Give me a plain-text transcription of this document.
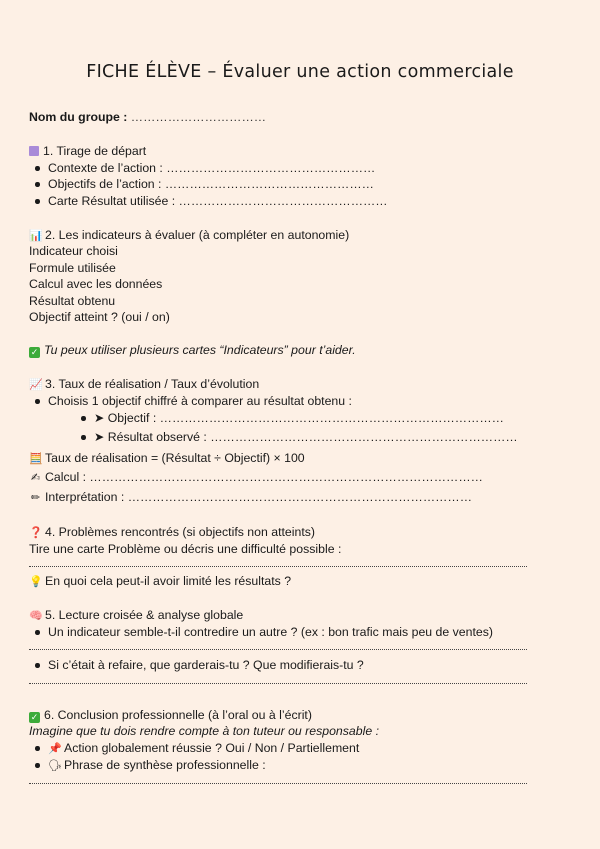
FICHE ÉLÈVE – Évaluer une action commerciale
Nom du groupe : ……………………………
1. Tirage de départ
Contexte de l’action : ……………………………………………
Objectifs de l’action : ……………………………………………
Carte Résultat utilisée : ……………………………………………
📊 2. Les indicateurs à évaluer (à compléter en autonomie)
Indicateur choisi
Formule utilisée
Calcul avec les données
Résultat obtenu
Objectif atteint ? (oui / on)
✓ Tu peux utiliser plusieurs cartes “Indicateurs” pour t’aider.
📈 3. Taux de réalisation / Taux d’évolution
Choisis 1 objectif chiffré à comparer au résultat obtenu :
➤ Objectif : …………………………………………………………………………
➤ Résultat observé : …………………………………………………………………
🧮 Taux de réalisation = (Résultat ÷ Objectif) × 100
✍ Calcul : ……………………………………………………………………………………
✏ Interprétation : …………………………………………………………………………
❓ 4. Problèmes rencontrés (si objectifs non atteints)
Tire une carte Problème ou décris une difficulté possible :
💡 En quoi cela peut-il avoir limité les résultats ?
🧠 5. Lecture croisée & analyse globale
Un indicateur semble-t-il contredire un autre ? (ex : bon trafic mais peu de ventes)
Si c’était à refaire, que garderais-tu ? Que modifierais-tu ?
✓ 6. Conclusion professionnelle (à l’oral ou à l’écrit)
Imagine que tu dois rendre compte à ton tuteur ou responsable :
📌 Action globalement réussie ? Oui / Non / Partiellement
🗣 Phrase de synthèse professionnelle :
